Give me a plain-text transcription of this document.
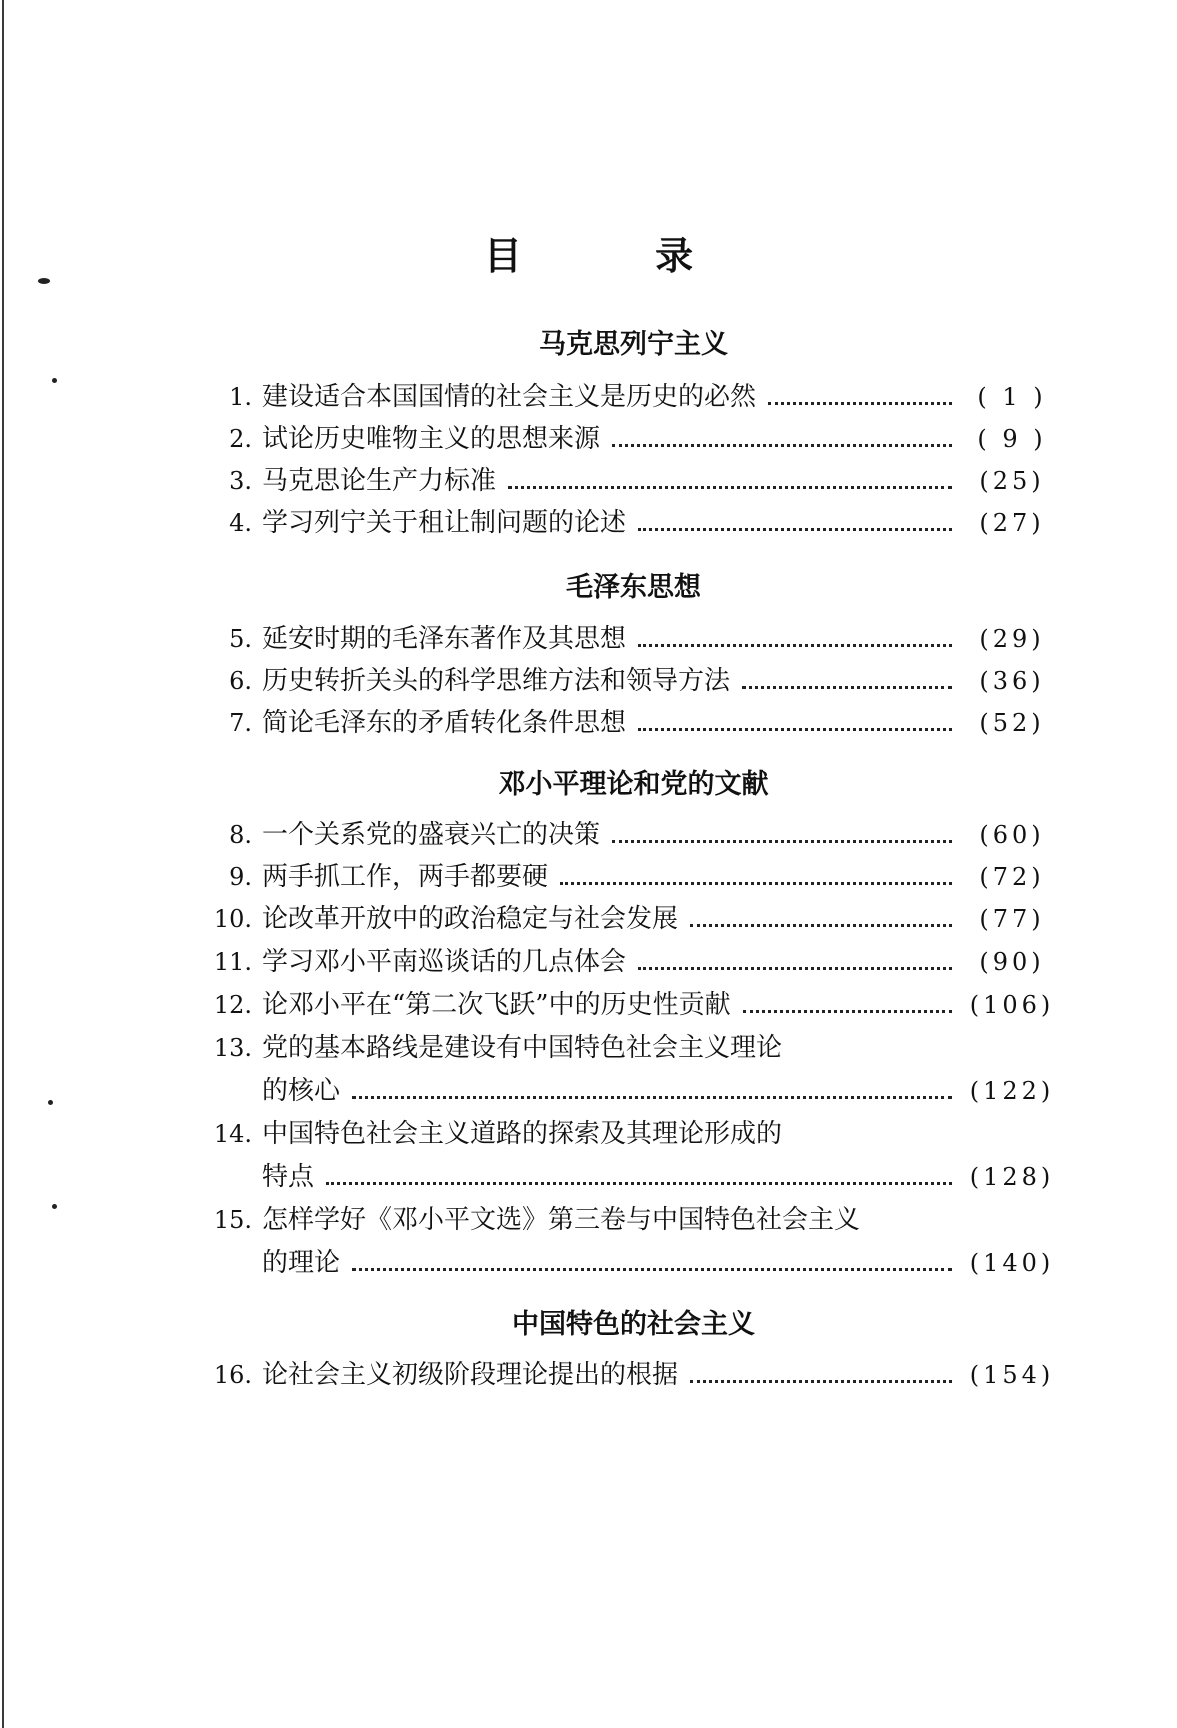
目 录
马克思列宁主义
1. 建设适合本国国情的社会主义是历史的必然	( 1 )
2. 试论历史唯物主义的思想来源	( 9 )
3. 马克思论生产力标准	(25)
4. 学习列宁关于租让制问题的论述	(27)
毛泽东思想
5. 延安时期的毛泽东著作及其思想	(29)
6. 历史转折关头的科学思维方法和领导方法	(36)
7. 简论毛泽东的矛盾转化条件思想	(52)
邓小平理论和党的文献
8. 一个关系党的盛衰兴亡的决策	(60)
9. 两手抓工作，两手都要硬	(72)
10. 论改革开放中的政治稳定与社会发展	(77)
11. 学习邓小平南巡谈话的几点体会	(90)
12. 论邓小平在“第二次飞跃”中的历史性贡献	(106)
13. 党的基本路线是建设有中国特色社会主义理论
的核心	(122)
14. 中国特色社会主义道路的探索及其理论形成的
特点	(128)
15. 怎样学好《邓小平文选》第三卷与中国特色社会主义
的理论	(140)
中国特色的社会主义
16. 论社会主义初级阶段理论提出的根据	(154)
